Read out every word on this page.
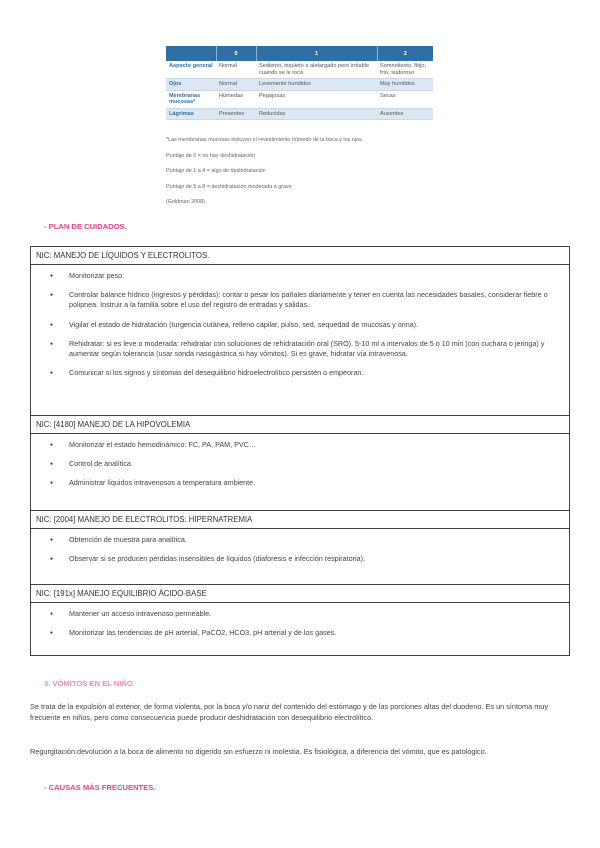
	0	1	2
Aspecto general	Normal	Sediento, inquieto o aletargado pero irritable cuando se le toca	Somnoliento, flojo, frío, sudoroso
Ojos	Normal	Levemente hundidos	Muy hundidos
Membranas mucosas*	Húmedas	Pegajosas	Secas
Lágrimas	Presentes	Reducidas	Ausentes
*Las membranas mucosas incluyen el revestimiento húmedo de la boca y los ojos.
Puntaje de 0 = no hay deshidratación
Puntaje de 1 a 4 = algo de deshidratación
Puntaje de 5 a 8 = deshidratación moderada a grave
(Goldman 2008)
- PLAN DE CUIDADOS.
NIC: MANEJO DE LÍQUIDOS Y ELECTROLITOS.
● Monitorizar peso.
● Controlar balance hídrico (ingresos y pérdidas): contar o pesar los pañales diariamente y tener en cuenta las necesidades basales, considerar fiebre o polipnea. Instruir a la familia sobre el uso del registro de entradas y salidas.
● Vigilar el estado de hidratación (turgencia cutánea, relleno capilar, pulso, sed, sequedad de mucosas y orina).
● Rehidratar: si es leve o moderada: rehidratar con soluciones de rehidratación oral (SRO). 5-10 ml a intervalos de 5 o 10 min (con cuchara o jeringa) y aumentar según tolerancia (usar sonda nasogástrica si hay vómitos). Si es grave, hidratar vía intravenosa.
● Comunicar si los signos y síntomas del desequilibrio hidroelectrolítico persisten o empeoran.
NIC: [4180] MANEJO DE LA HIPOVOLEMIA
● Monitorizar el estado hemodinámico: FC, PA, PAM, PVC…
● Control de analítica.
● Administrar líquidos intravenosos a temperatura ambiente.
NIC: [2004] MANEJO DE ELECTROLITOS: HIPERNATREMIA
● Obtención de muestra para analítica.
● Observar si se producen pérdidas insensibles de líquidos (diaforesis e infección respiratoria).
NIC: [191x] MANEJO EQUILIBRIO ÁCIDO-BASE
● Mantener un acceso intravenoso permeable.
● Monitorizar las tendencias de pH arterial, PaCO2, HCO3, pH arterial y de los gases.
3. VÓMITOS EN EL NIÑO.
Se trata de la expulsión al exterior, de forma violenta, por la boca y/o nariz del contenido del estómago y de las porciones altas del duodeno. Es un síntoma muy frecuente en niños, pero como consecuencia puede producir deshidratación con desequilibrio electrolítico.
Regurgitación:devolución a la boca de alimento no digerido sin esfuerzo ni molestia. Es fisiológica, a diferencia del vómito, que es patológico.
- CAUSAS MÁS FRECUENTES.
